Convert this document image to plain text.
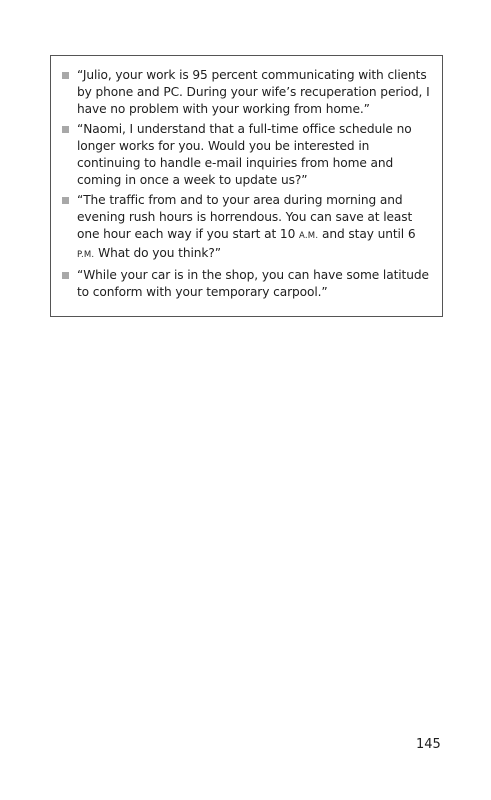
“Julio, your work is 95 percent communicating with clients by phone and PC. During your wife’s recuperation period, I have no problem with your working from home.”
“Naomi, I understand that a full-time office schedule no longer works for you. Would you be interested in continuing to handle e-mail inquiries from home and coming in once a week to update us?”
“The traffic from and to your area during morning and evening rush hours is horrendous. You can save at least one hour each way if you start at 10 A.M. and stay until 6 P.M. What do you think?”
“While your car is in the shop, you can have some latitude to conform with your temporary carpool.”
145
